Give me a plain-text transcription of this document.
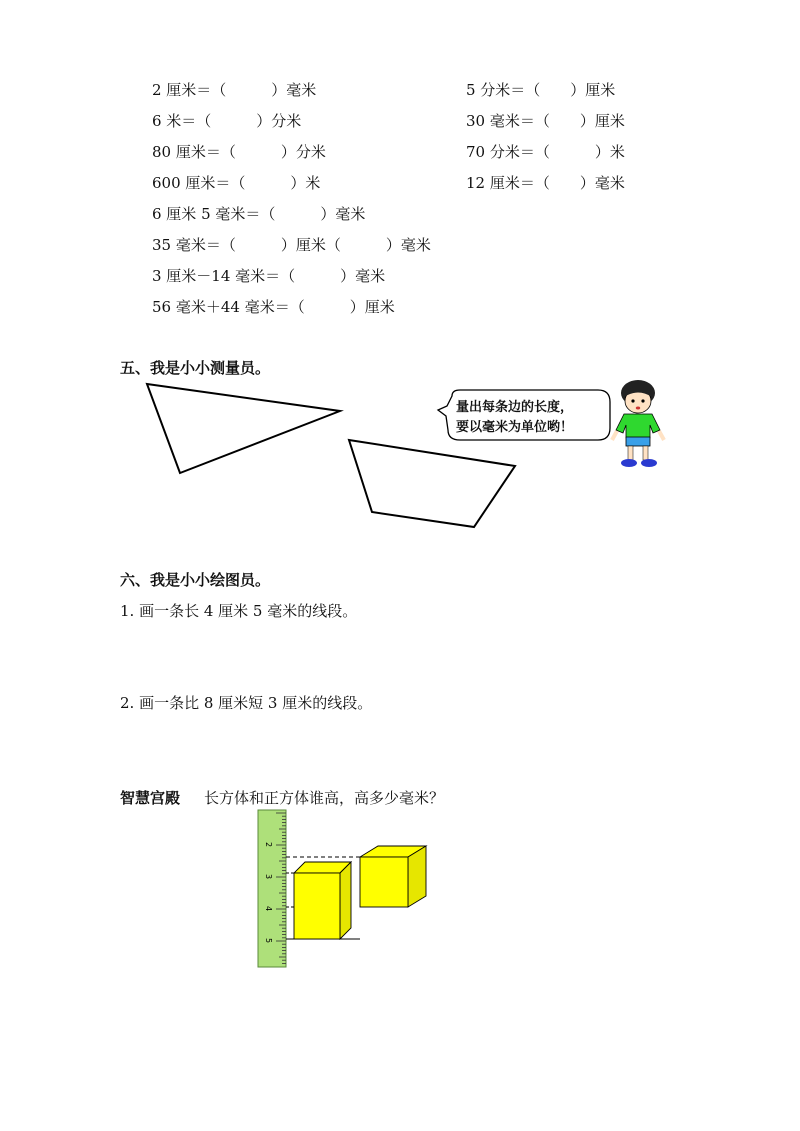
2 厘米＝（　　　）毫米
6 米＝（　　　）分米
80 厘米＝（　　　）分米
600 厘米＝（　　　）米
6 厘米 5 毫米＝（　　　）毫米
35 毫米＝（　　　）厘米（　　　）毫米
3 厘米－14 毫米＝（　　　）毫米
56 毫米＋44 毫米＝（　　　）厘米
5 分米＝（　　）厘米
30 毫米＝（　　）厘米
70 分米＝（　　　）米
12 厘米＝（　　）毫米
五、我是小小测量员。
2
3
4
5
量出每条边的长度，
要以毫米为单位哟！
六、我是小小绘图员。
1. 画一条长 4 厘米 5 毫米的线段。
2. 画一条比 8 厘米短 3 厘米的线段。
智慧宫殿 长方体和正方体谁高，高多少毫米？
